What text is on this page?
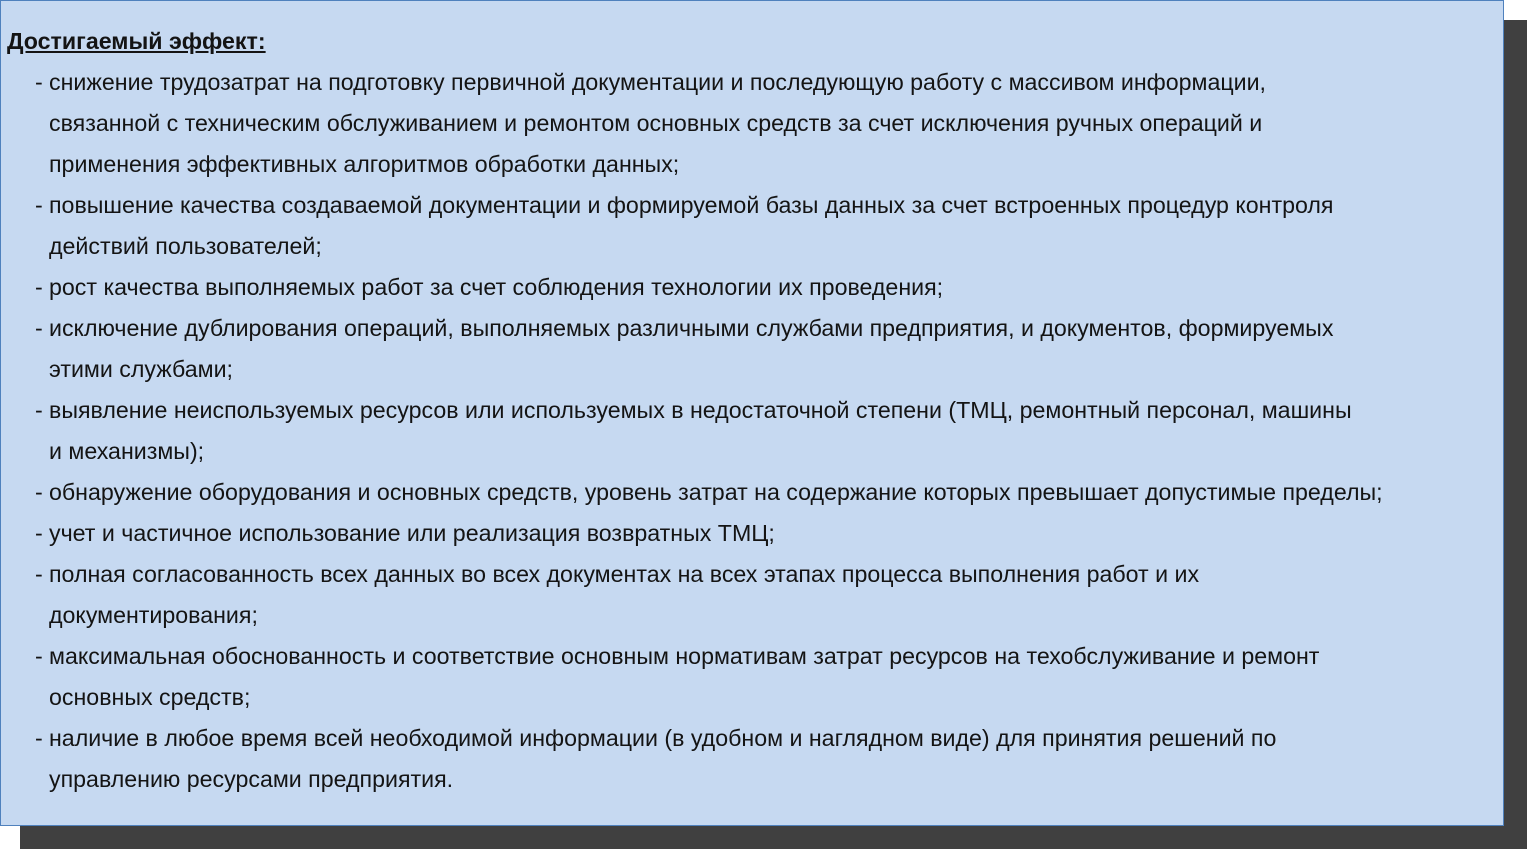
Достигаемый эффект:

- снижение трудозатрат на подготовку первичной документации и последующую работу с массивом информации,
связанной с техническим обслуживанием и ремонтом основных средств за счет исключения ручных операций и
применения эффективных алгоритмов обработки данных;
- повышение качества создаваемой документации и формируемой базы данных за счет встроенных процедур контроля
действий пользователей;
- рост качества выполняемых работ за счет соблюдения технологии их проведения;
- исключение дублирования операций, выполняемых различными службами предприятия, и документов, формируемых
этими службами;
- выявление неиспользуемых ресурсов или используемых в недостаточной степени (ТМЦ, ремонтный персонал, машины
и механизмы);
- обнаружение оборудования и основных средств, уровень затрат на содержание которых превышает допустимые пределы;
- учет и частичное использование или реализация возвратных ТМЦ;
- полная согласованность всех данных во всех документах на всех этапах процесса выполнения работ и их
документирования;
- максимальная обоснованность и соответствие основным нормативам затрат ресурсов на техобслуживание и ремонт
основных средств;
- наличие в любое время всей необходимой информации (в удобном и наглядном виде) для принятия решений по
управлению ресурсами предприятия.
